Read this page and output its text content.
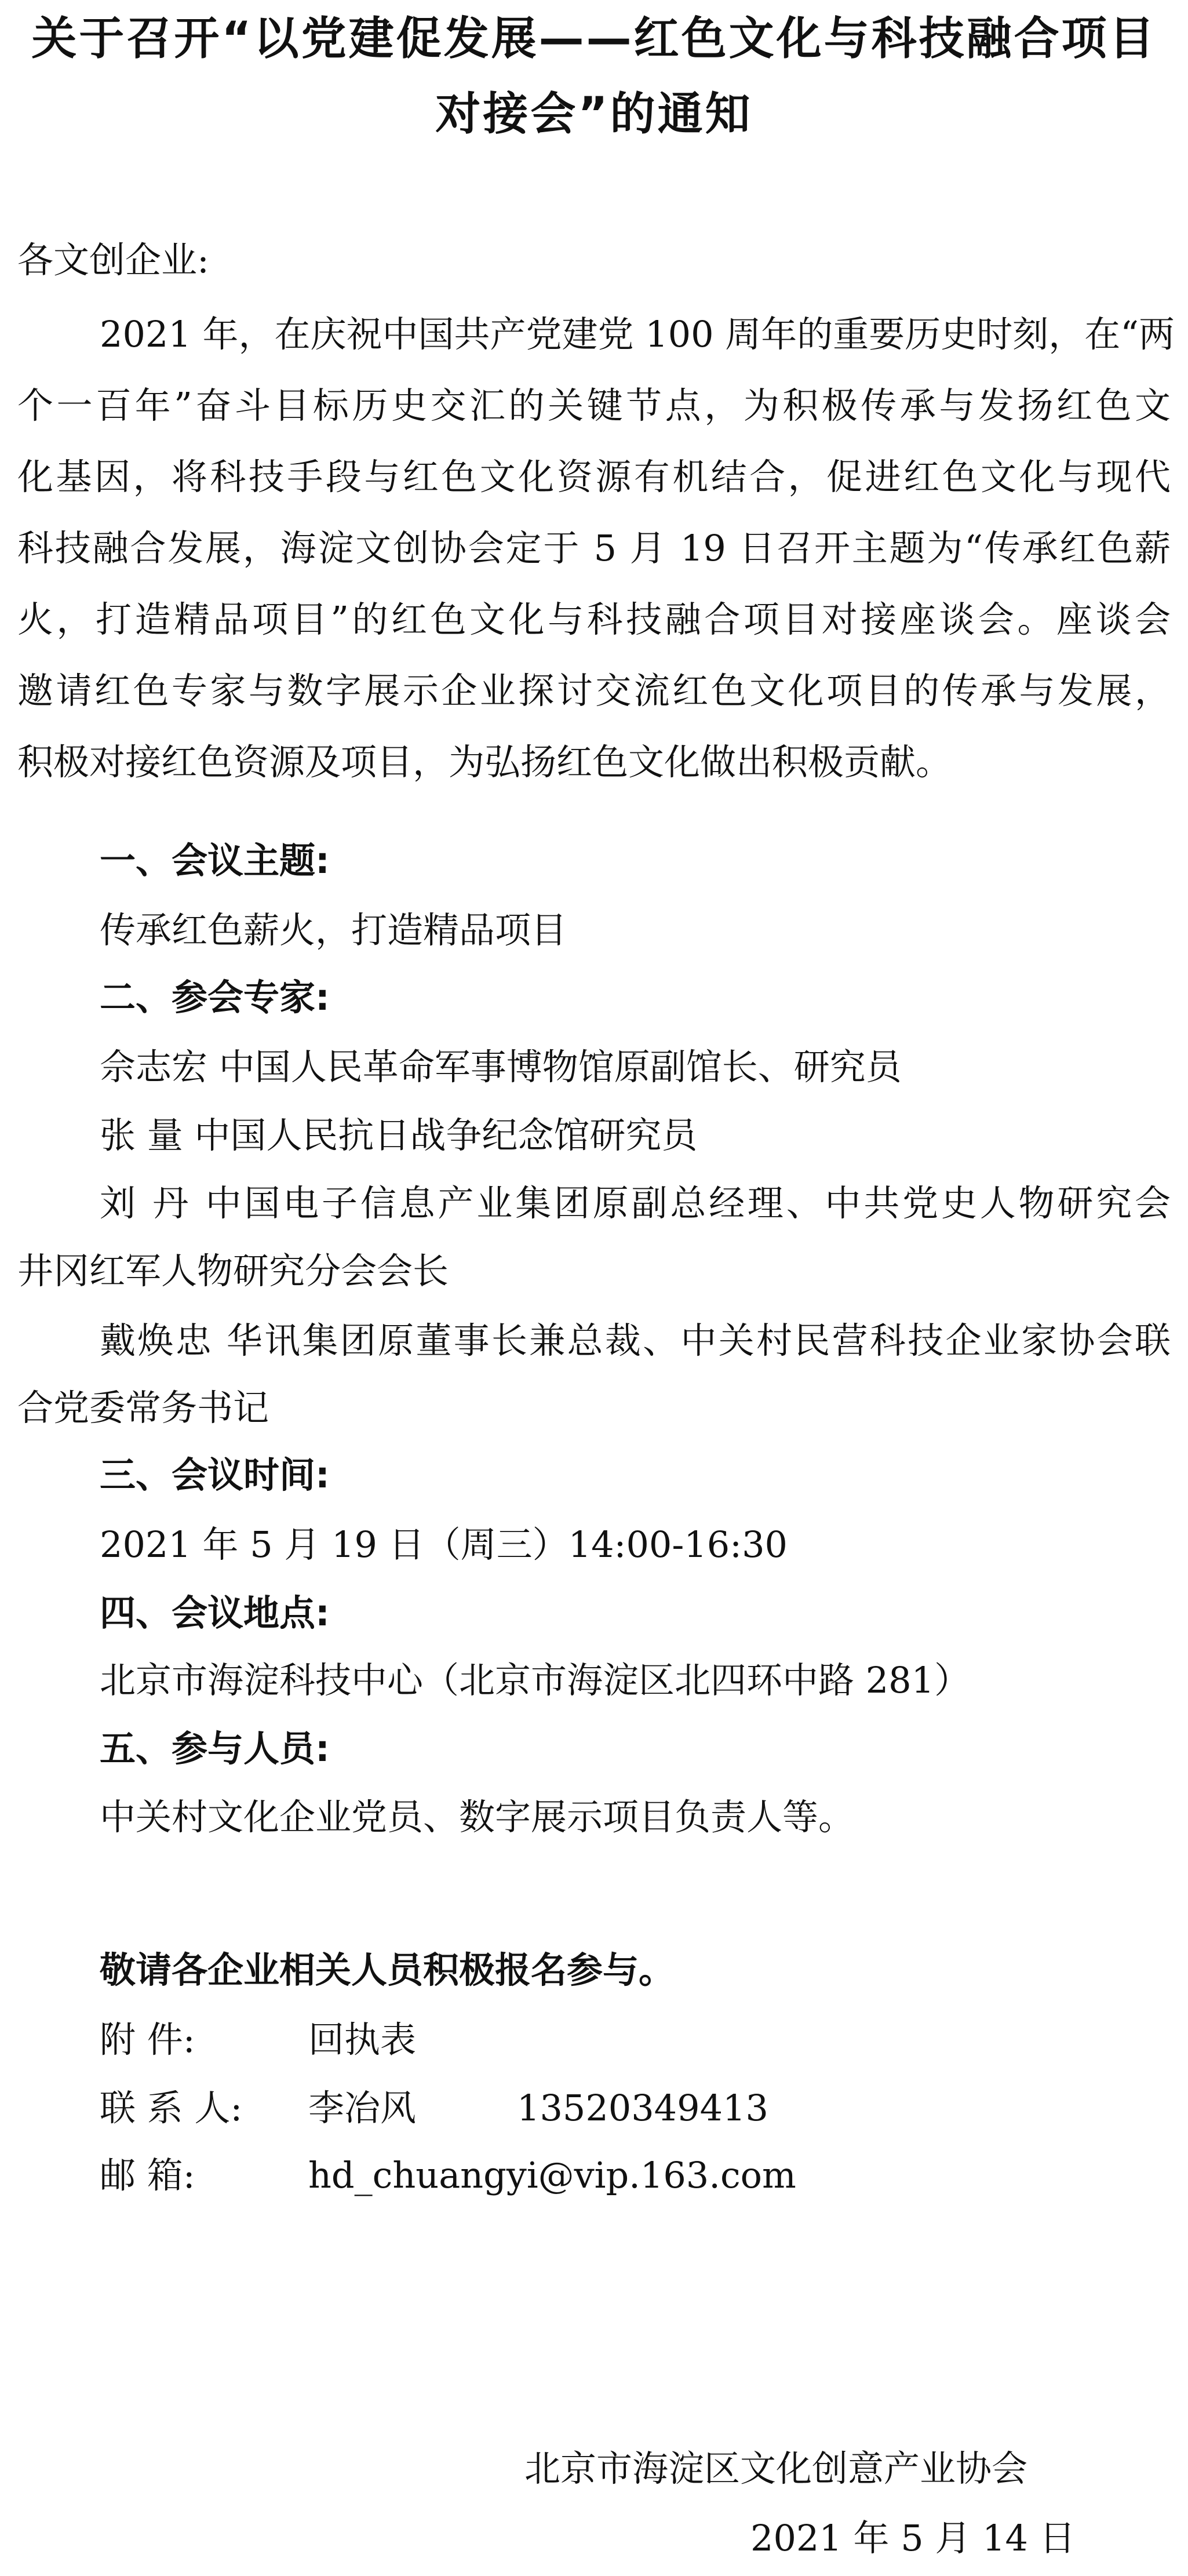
关于召开“以党建促发展——红色文化与科技融合项目
对接会”的通知
各文创企业:
2021 年，在庆祝中国共产党建党 100 周年的重要历史时刻，在“两
个一百年”奋斗目标历史交汇的关键节点，为积极传承与发扬红色文
化基因，将科技手段与红色文化资源有机结合，促进红色文化与现代
科技融合发展，海淀文创协会定于 5 月 19 日召开主题为“传承红色薪
火，打造精品项目”的红色文化与科技融合项目对接座谈会。座谈会
邀请红色专家与数字展示企业探讨交流红色文化项目的传承与发展，
积极对接红色资源及项目，为弘扬红色文化做出积极贡献。
一、会议主题:
传承红色薪火，打造精品项目
二、参会专家:
佘志宏 中国人民革命军事博物馆原副馆长、研究员
张 量 中国人民抗日战争纪念馆研究员
刘 丹 中国电子信息产业集团原副总经理、中共党史人物研究会
井冈红军人物研究分会会长
戴焕忠 华讯集团原董事长兼总裁、中关村民营科技企业家协会联
合党委常务书记
三、会议时间:
2021 年 5 月 19 日（周三）14:00-16:30
四、会议地点:
北京市海淀科技中心（北京市海淀区北四环中路 281）
五、参与人员:
中关村文化企业党员、数字展示项目负责人等。
敬请各企业相关人员积极报名参与。
附 件:	回执表
联 系 人: 李冶风	13520349413
邮 箱:	hd_chuangyi@vip.163.com
北京市海淀区文化创意产业协会
2021 年 5 月 14 日
